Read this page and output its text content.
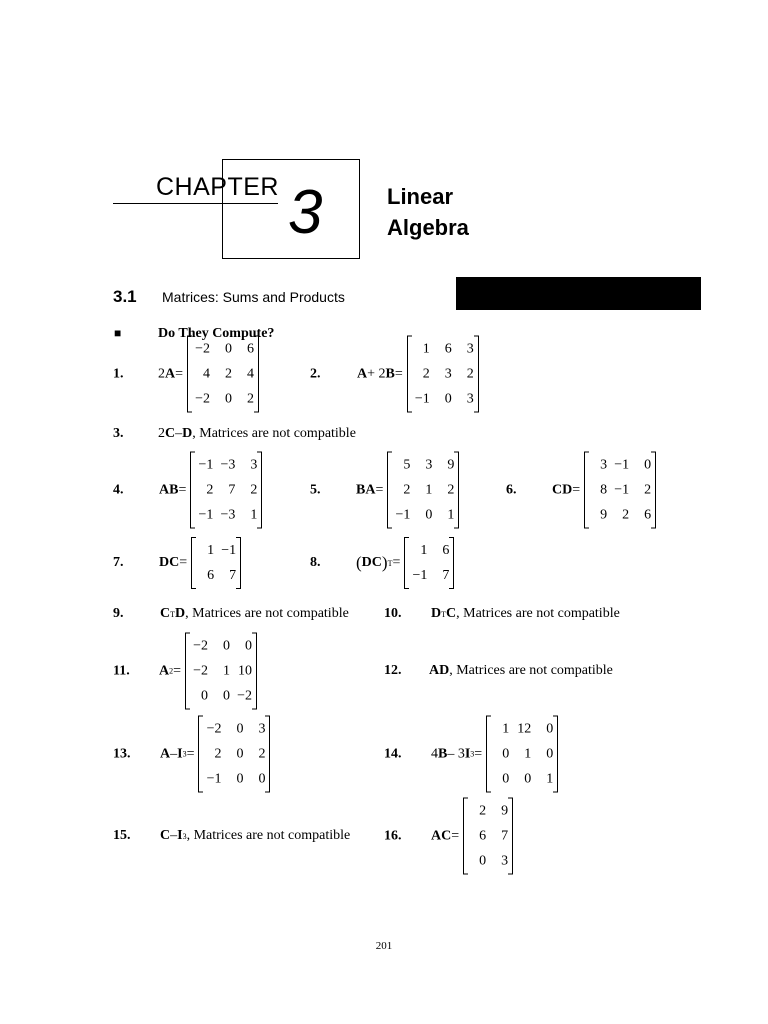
CHAPTER 3	Linear
Algebra
3.1 Matrices: Sums and Products
■	Do They Compute?
1.	2 A =
−2	0	6
4	2	4
−2	0	2
2.	A + 2 B =
1	6	3
2	3	2
−1	0	3
3.	2 C – D , Matrices are not compatible
4.	AB =
−1 −3	3
2	7	2
−1 −3	1
5.	BA =
5	3	9
2	1	2
−1	0	1
6.	CD =
3 −1	0
8 −1	2
9	2	6
7.	DC =
1 −1
6	7
8.	( DC ) T =
1	6
−1	7
9.	C T D , Matrices are not compatible	10.	D T C , Matrices are not compatible
11.	A 2 =
−2	0	0
−2	1 10
0	0 −2
12.	AD , Matrices are not compatible
13.	A – I 3 =
−2	0	3
2	0	2
−1	0	0
14.	4 B – 3 I 3 =
1 12	0
0	1	0
0	0	1
15.	C – I 3 , Matrices are not compatible 16.	AC =
2	9
6	7
0	3
201
